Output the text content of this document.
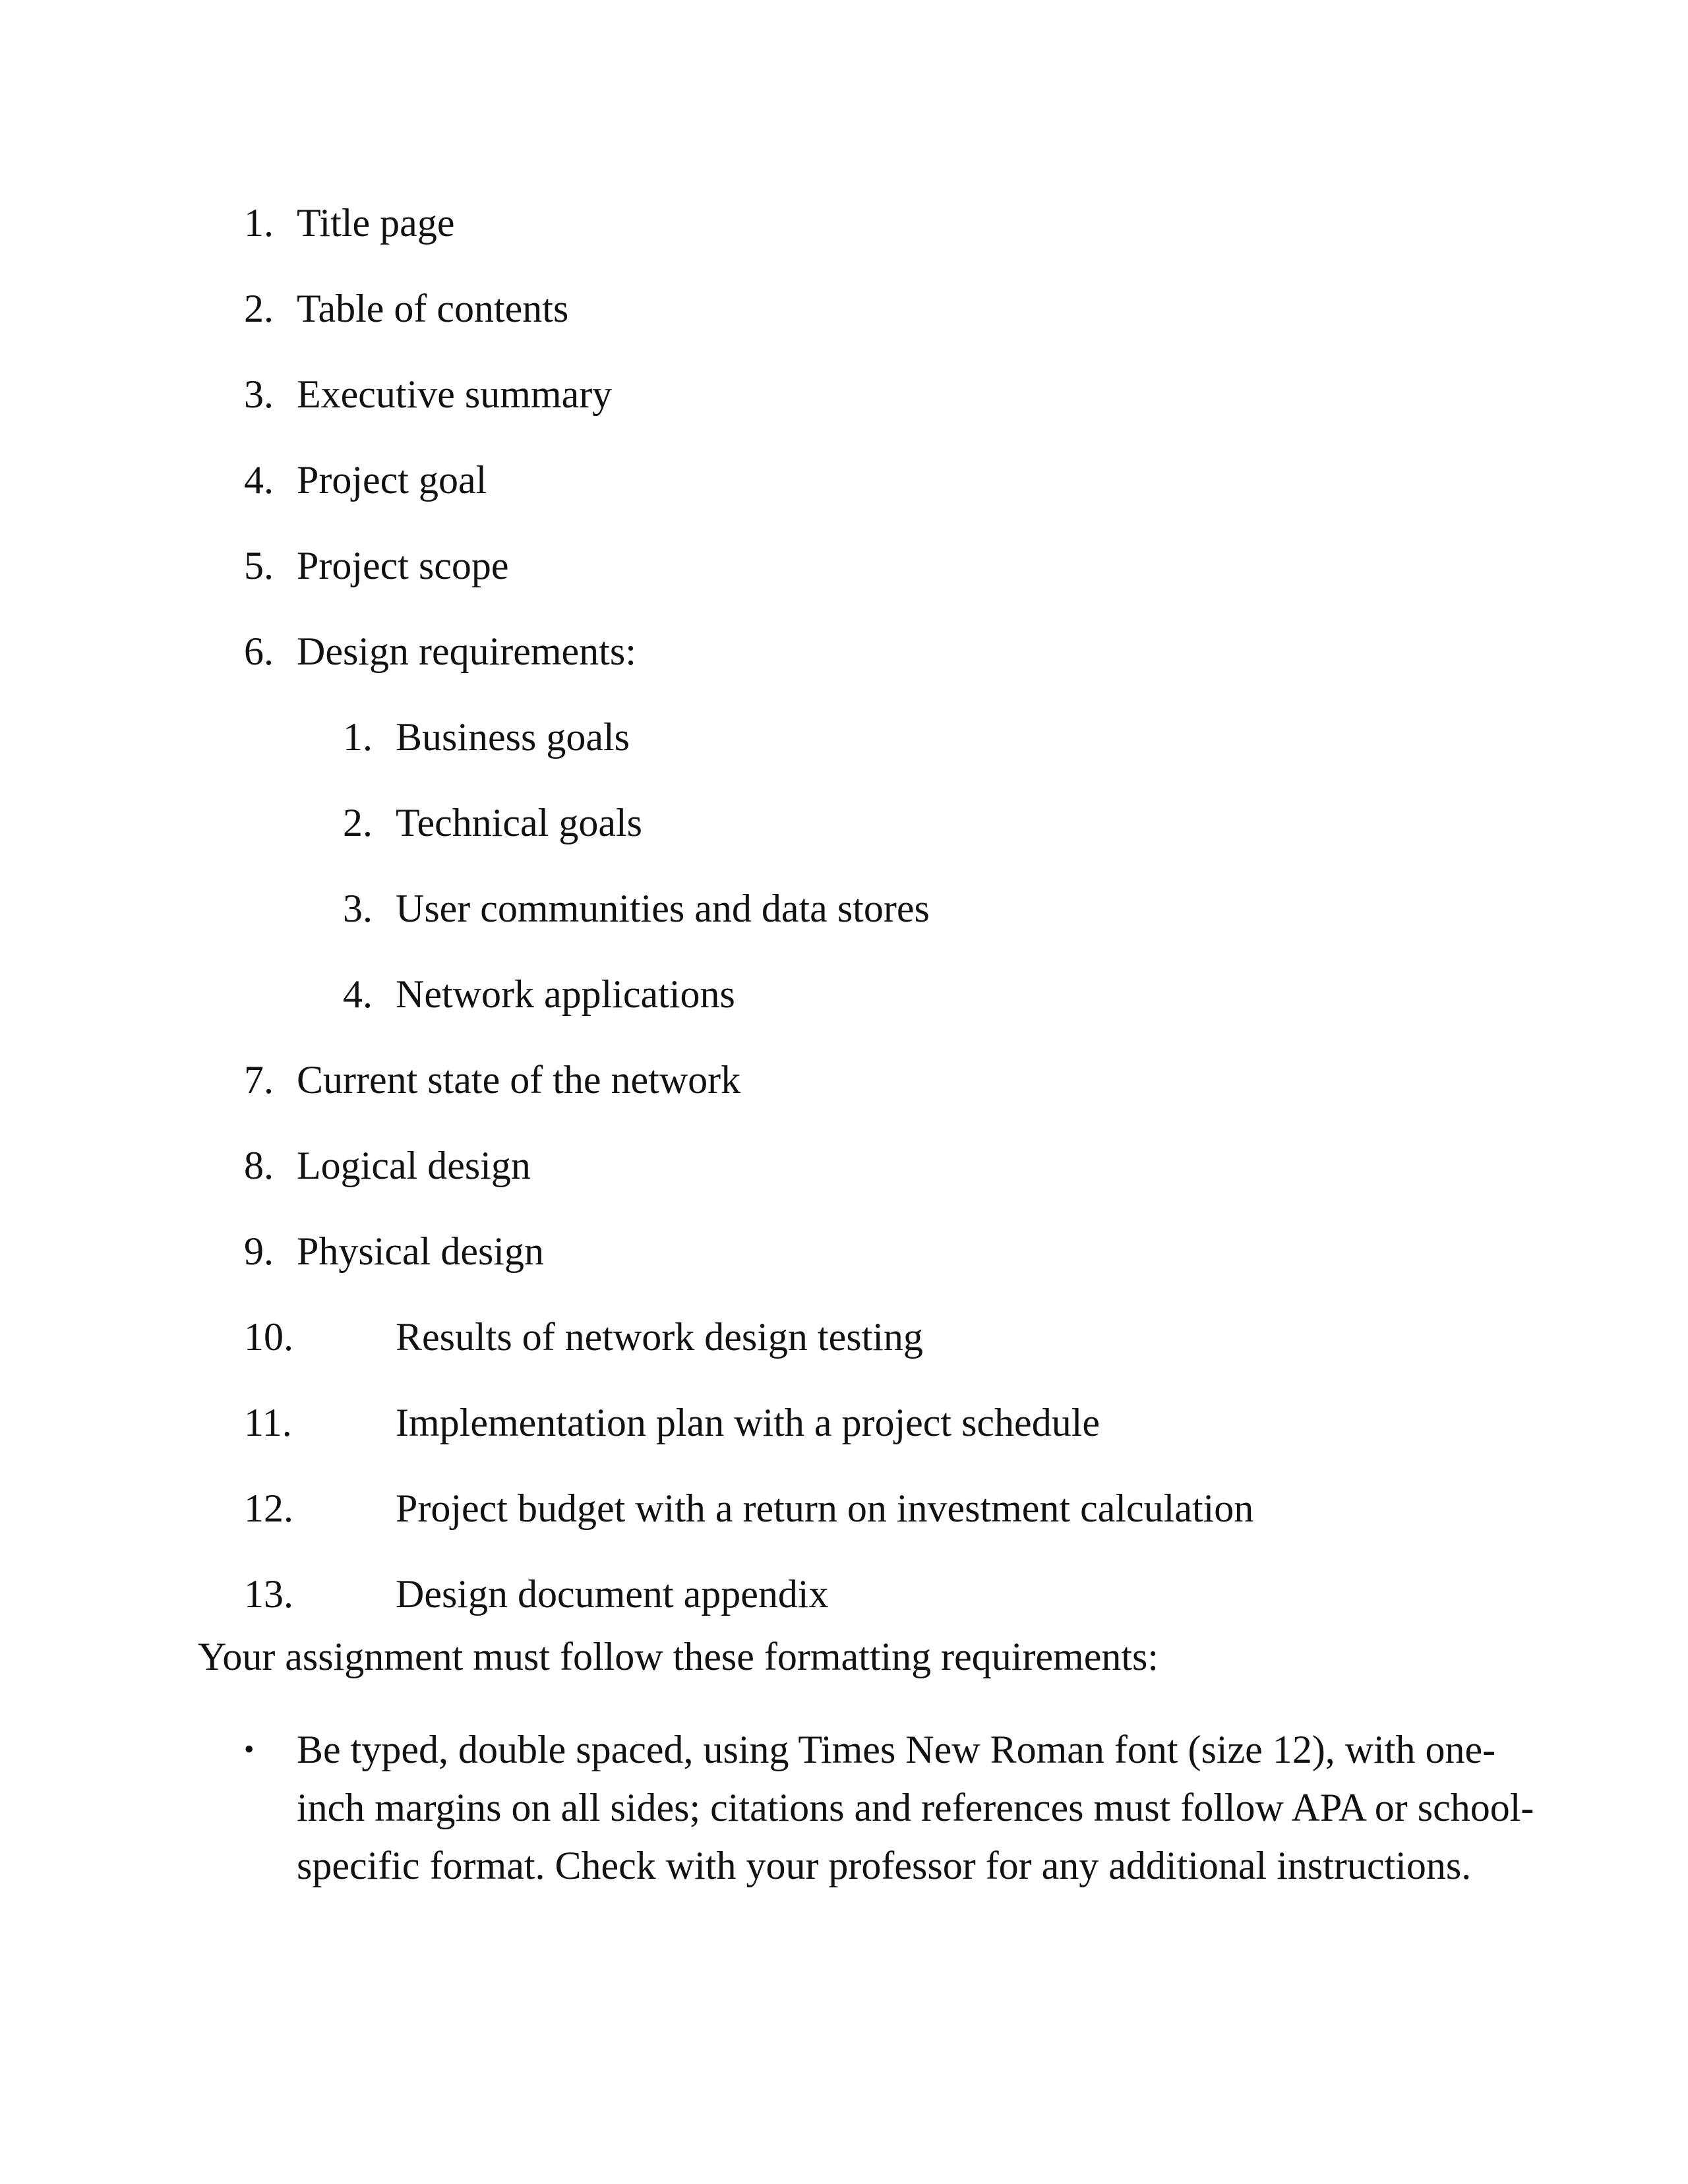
1. Title page
2. Table of contents
3. Executive summary
4. Project goal
5. Project scope
6. Design requirements:
1. Business goals
2. Technical goals
3. User communities and data stores
4. Network applications
7. Current state of the network
8. Logical design
9. Physical design
10.	Results of network design testing
11.	Implementation plan with a project schedule
12.	Project budget with a return on investment calculation
13.	Design document appendix
Your assignment must follow these formatting requirements:
• Be typed, double spaced, using Times New Roman font (size 12), with one-inch margins on all sides; citations and references must follow APA or school-specific format. Check with your professor for any additional instructions.
